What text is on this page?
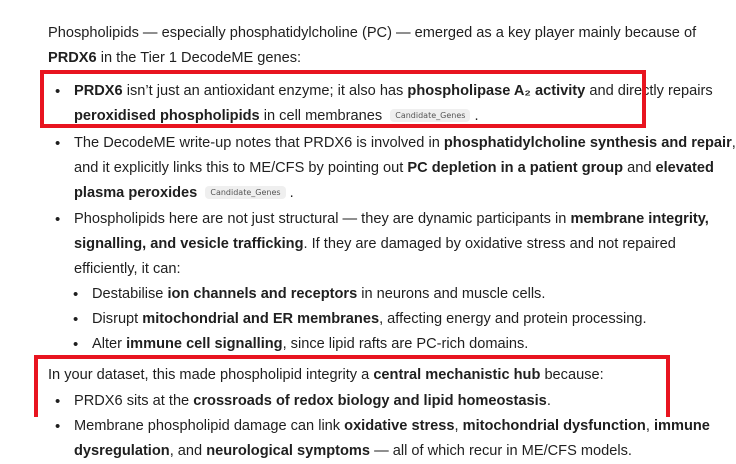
Phospholipids — especially phosphatidylcholine (PC) — emerged as a key player mainly because of
PRDX6 in the Tier 1 DecodeME genes:
• PRDX6 isn’t just an antioxidant enzyme; it also has phospholipase A₂ activity and directly repairs
peroxidised phospholipids in cell membranes Candidate_Genes .
• The DecodeME write-up notes that PRDX6 is involved in phosphatidylcholine synthesis and repair,
and it explicitly links this to ME/CFS by pointing out PC depletion in a patient group and elevated
plasma peroxides Candidate_Genes .
• Phospholipids here are not just structural — they are dynamic participants in membrane integrity,
signalling, and vesicle trafficking. If they are damaged by oxidative stress and not repaired
efficiently, it can:
• Destabilise ion channels and receptors in neurons and muscle cells.
• Disrupt mitochondrial and ER membranes, affecting energy and protein processing.
• Alter immune cell signalling, since lipid rafts are PC-rich domains.
In your dataset, this made phospholipid integrity a central mechanistic hub because:
• PRDX6 sits at the crossroads of redox biology and lipid homeostasis.
• Membrane phospholipid damage can link oxidative stress, mitochondrial dysfunction, immune
dysregulation, and neurological symptoms — all of which recur in ME/CFS models.
